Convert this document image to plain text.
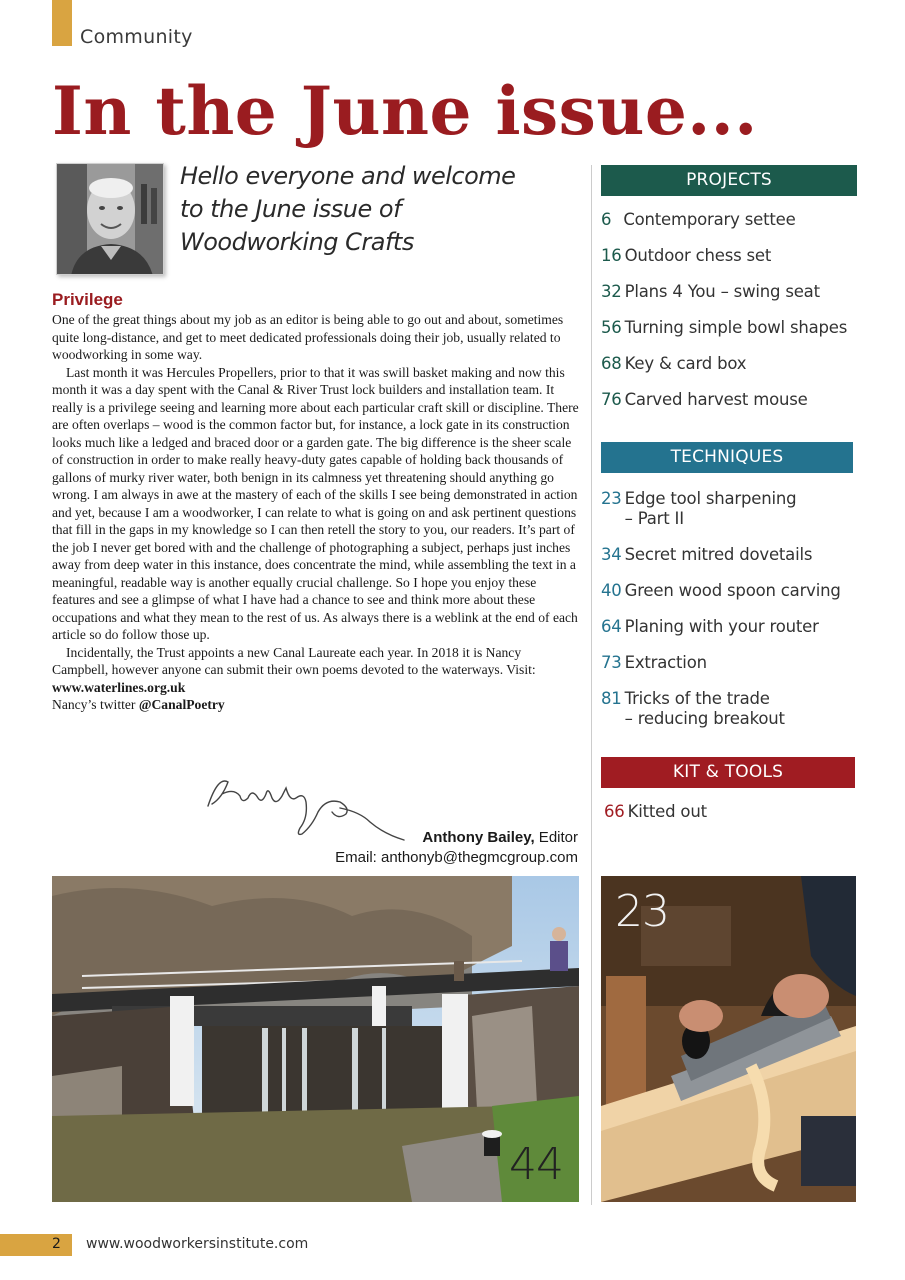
Community
In the June issue...
Hello everyone and welcome
to the June issue of
Woodworking Crafts
Privilege

One of the great things about my job as an editor is being able to go out and about, sometimes quite long-distance, and get to meet dedicated professionals doing their job, usually related to woodworking in some way.

Last month it was Hercules Propellers, prior to that it was swill basket making and now this month it was a day spent with the Canal & River Trust lock builders and installation team. It really is a privilege seeing and learning more about each particular craft skill or discipline. There are often overlaps – wood is the common factor but, for instance, a lock gate in its construction looks much like a ledged and braced door or a garden gate. The big difference is the sheer scale of construction in order to make really heavy-duty gates capable of holding back thousands of gallons of murky river water, both benign in its calmness yet threatening should anything go wrong. I am always in awe at the mastery of each of the skills I see being demonstrated in action and yet, because I am a woodworker, I can relate to what is going on and ask pertinent questions that fill in the gaps in my knowledge so I can then retell the story to you, our readers. It’s part of the job I never get bored with and the challenge of photographing a subject, perhaps just inches away from deep water in this instance, does concentrate the mind, while assembling the text in a meaningful, readable way is another equally crucial challenge. So I hope you enjoy these features and see a glimpse of what I have had a chance to see and think more about these occupations and what they mean to the rest of us. As always there is a weblink at the end of each article so do follow those up.

Incidentally, the Trust appoints a new Canal Laureate each year. In 2018 it is Nancy Campbell, however anyone can submit their own poems devoted to the waterways. Visit: www.waterlines.org.uk

Nancy’s twitter @CanalPoetry

Anthony Bailey, Editor
Email: anthonyb@thegmcgroup.com
PROJECTS
6 Contemporary settee
16 Outdoor chess set
32 Plans 4 You – swing seat
56 Turning simple bowl shapes
68 Key & card box
76 Carved harvest mouse
TECHNIQUES
23 Edge tool sharpening
– Part II
34 Secret mitred dovetails
40 Green wood spoon carving
64 Planing with your router
73 Extraction
81 Tricks of the trade
– reducing breakout
KIT & TOOLS
66 Kitted out
44
23
2 www.woodworkersinstitute.com
